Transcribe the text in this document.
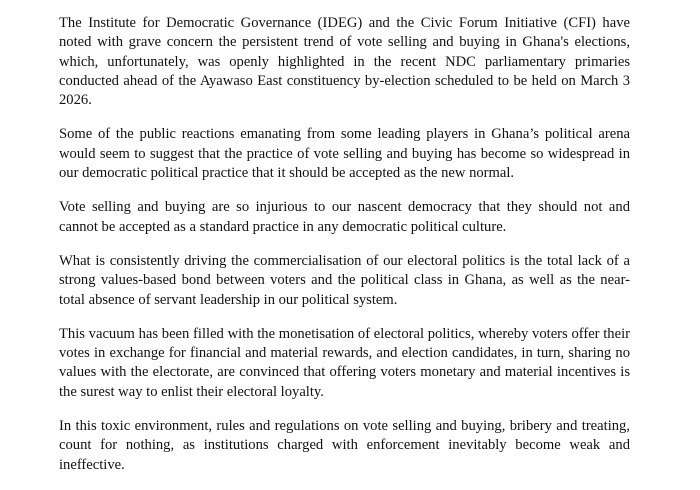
The Institute for Democratic Governance (IDEG) and the Civic Forum Initiative (CFI) have noted with grave concern the persistent trend of vote selling and buying in Ghana's elections, which, unfortunately, was openly highlighted in the recent NDC parliamentary primaries conducted ahead of the Ayawaso East constituency by-election scheduled to be held on March 3 2026.

Some of the public reactions emanating from some leading players in Ghana’s political arena would seem to suggest that the practice of vote selling and buying has become so widespread in our democratic political practice that it should be accepted as the new normal.

Vote selling and buying are so injurious to our nascent democracy that they should not and cannot be accepted as a standard practice in any democratic political culture.

What is consistently driving the commercialisation of our electoral politics is the total lack of a strong values-based bond between voters and the political class in Ghana, as well as the near-total absence of servant leadership in our political system.

This vacuum has been filled with the monetisation of electoral politics, whereby voters offer their votes in exchange for financial and material rewards, and election candidates, in turn, sharing no values with the electorate, are convinced that offering voters monetary and material incentives is the surest way to enlist their electoral loyalty.

In this toxic environment, rules and regulations on vote selling and buying, bribery and treating, count for nothing, as institutions charged with enforcement inevitably become weak and ineffective.
